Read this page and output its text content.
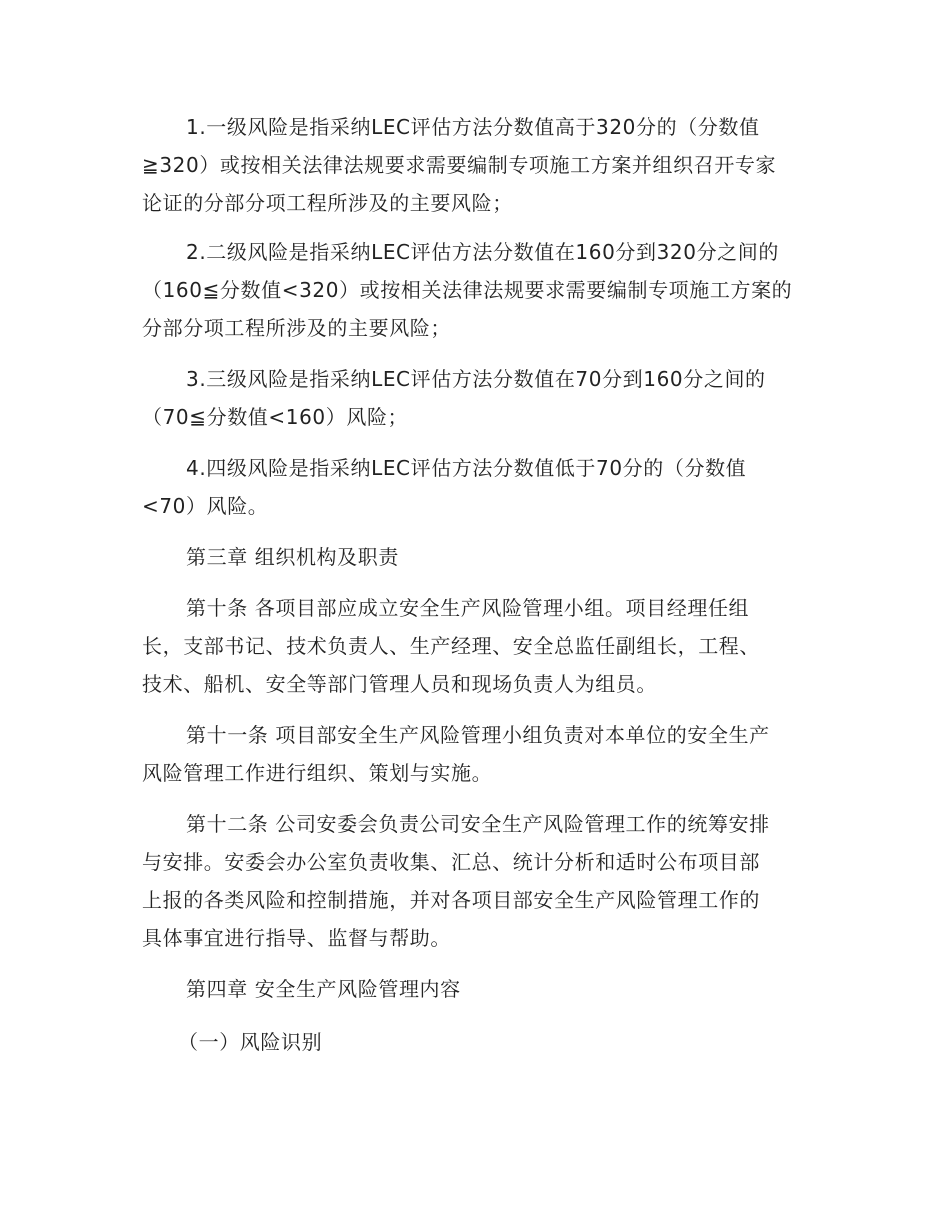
1.一级风险是指采纳LEC评估方法分数值高于320分的（分数值
≧320）或按相关法律法规要求需要编制专项施工方案并组织召开专家
论证的分部分项工程所涉及的主要风险；
2.二级风险是指采纳LEC评估方法分数值在160分到320分之间的
（160≦分数值<320）或按相关法律法规要求需要编制专项施工方案的
分部分项工程所涉及的主要风险；
3.三级风险是指采纳LEC评估方法分数值在70分到160分之间的
（70≦分数值<160）风险；
4.四级风险是指采纳LEC评估方法分数值低于70分的（分数值
<70）风险。
第三章 组织机构及职责
第十条 各项目部应成立安全生产风险管理小组。项目经理任组
长，支部书记、技术负责人、生产经理、安全总监任副组长，工程、
技术、船机、安全等部门管理人员和现场负责人为组员。
第十一条 项目部安全生产风险管理小组负责对本单位的安全生产
风险管理工作进行组织、策划与实施。
第十二条 公司安委会负责公司安全生产风险管理工作的统筹安排
与安排。安委会办公室负责收集、汇总、统计分析和适时公布项目部
上报的各类风险和控制措施，并对各项目部安全生产风险管理工作的
具体事宜进行指导、监督与帮助。
第四章 安全生产风险管理内容
（一）风险识别
